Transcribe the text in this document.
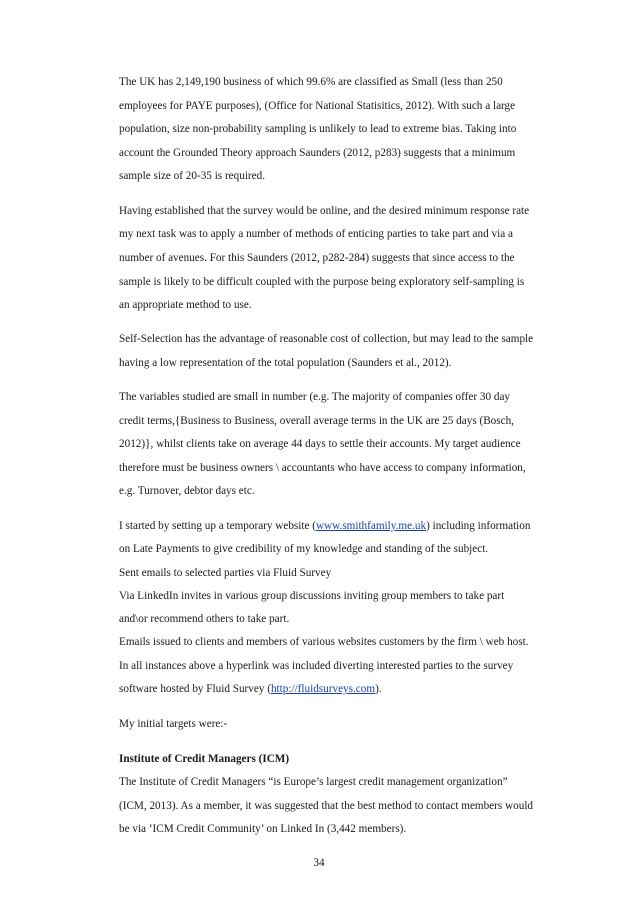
The UK has 2,149,190 business of which 99.6% are classified as Small (less than 250
employees for PAYE purposes), (Office for National Statisitics, 2012). With such a large
population, size non-probability sampling is unlikely to lead to extreme bias. Taking into
account the Grounded Theory approach Saunders (2012, p283) suggests that a minimum
sample size of 20-35 is required.
Having established that the survey would be online, and the desired minimum response rate
my next task was to apply a number of methods of enticing parties to take part and via a
number of avenues. For this Saunders (2012, p282-284) suggests that since access to the
sample is likely to be difficult coupled with the purpose being exploratory self-sampling is
an appropriate method to use.
Self-Selection has the advantage of reasonable cost of collection, but may lead to the sample
having a low representation of the total population (Saunders et al., 2012).
The variables studied are small in number (e.g. The majority of companies offer 30 day
credit terms,{Business to Business, overall average terms in the UK are 25 days (Bosch,
2012)}, whilst clients take on average 44 days to settle their accounts. My target audience
therefore must be business owners \ accountants who have access to company information,
e.g. Turnover, debtor days etc.
I started by setting up a temporary website (www.smithfamily.me.uk) including information
on Late Payments to give credibility of my knowledge and standing of the subject.
Sent emails to selected parties via Fluid Survey
Via LinkedIn invites in various group discussions inviting group members to take part
and\or recommend others to take part.
Emails issued to clients and members of various websites customers by the firm \ web host.
In all instances above a hyperlink was included diverting interested parties to the survey
software hosted by Fluid Survey (http://fluidsurveys.com).
My initial targets were:-
Institute of Credit Managers (ICM)
The Institute of Credit Managers “is Europe’s largest credit management organization”
(ICM, 2013). As a member, it was suggested that the best method to contact members would
be via ‘ICM Credit Community’ on Linked In (3,442 members).
34
